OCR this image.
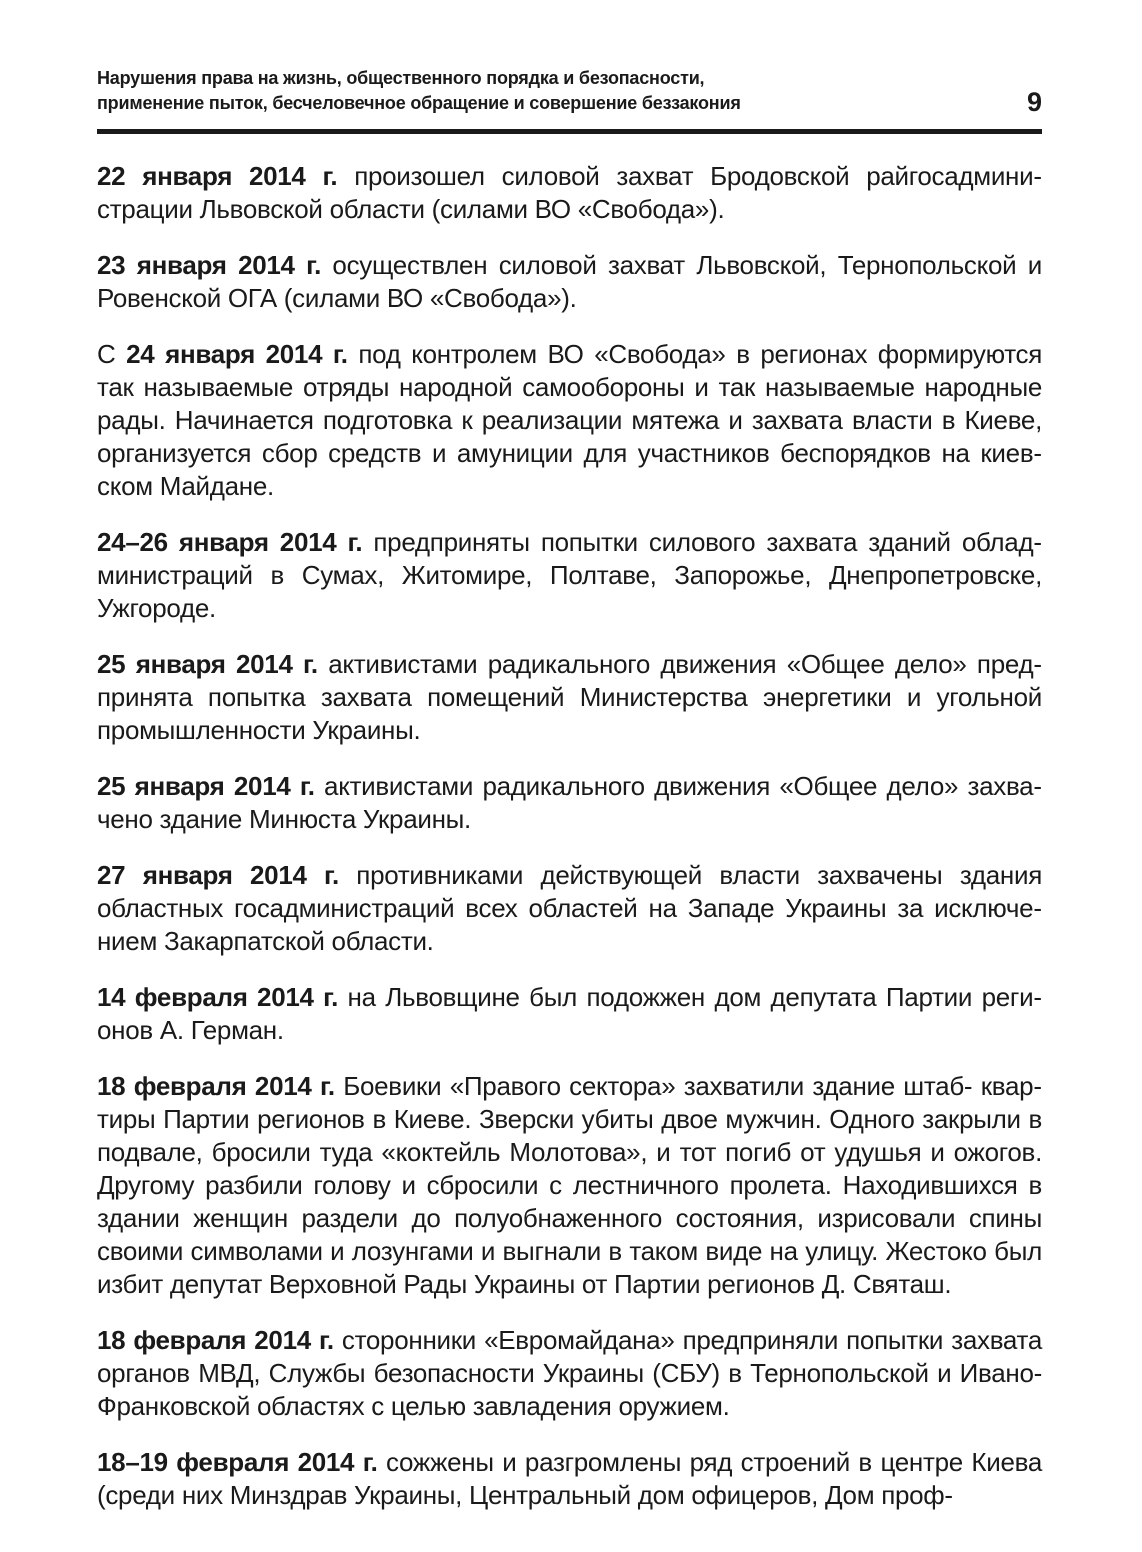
Нарушения права на жизнь, общественного порядка и безопасности,
применение пыток, бесчеловечное обращение и совершение беззакония	9

22 января 2014 г. произошел силовой захват Бродовской райгосадминистрации Львовской области (силами ВО «Свобода»).

23 января 2014 г. осуществлен силовой захват Львовской, Тернопольской и Ровенской ОГА (силами ВО «Свобода»).

С 24 января 2014 г. под контролем ВО «Свобода» в регионах формируются так называемые отряды народной самообороны и так называемые народные рады. Начинается подготовка к реализации мятежа и захвата власти в Киеве, организуется сбор средств и амуниции для участников беспорядков на киевском Майдане.

24–26 января 2014 г. предприняты попытки силового захвата зданий обладминистраций в Сумах, Житомире, Полтаве, Запорожье, Днепропетровске, Ужгороде.

25 января 2014 г. активистами радикального движения «Общее дело» предпринята попытка захвата помещений Министерства энергетики и угольной промышленности Украины.

25 января 2014 г. активистами радикального движения «Общее дело» захвачено здание Минюста Украины.

27 января 2014 г. противниками действующей власти захвачены здания областных госадминистраций всех областей на Западе Украины за исключением Закарпатской области.

14 февраля 2014 г. на Львовщине был подожжен дом депутата Партии регионов А. Герман.

18 февраля 2014 г. Боевики «Правого сектора» захватили здание штаб- квартиры Партии регионов в Киеве. Зверски убиты двое мужчин. Одного закрыли в подвале, бросили туда «коктейль Молотова», и тот погиб от удушья и ожогов. Другому разбили голову и сбросили с лестничного пролета. Находившихся в здании женщин раздели до полуобнаженного состояния, изрисовали спины своими символами и лозунгами и выгнали в таком виде на улицу. Жестоко был избит депутат Верховной Рады Украины от Партии регионов Д. Святаш.

18 февраля 2014 г. сторонники «Евромайдана» предприняли попытки захвата органов МВД, Службы безопасности Украины (СБУ) в Тернопольской и Ивано-Франковской областях с целью завладения оружием.

18–19 февраля 2014 г. сожжены и разгромлены ряд строений в центре Киева (среди них Минздрав Украины, Центральный дом офицеров, Дом проф-
